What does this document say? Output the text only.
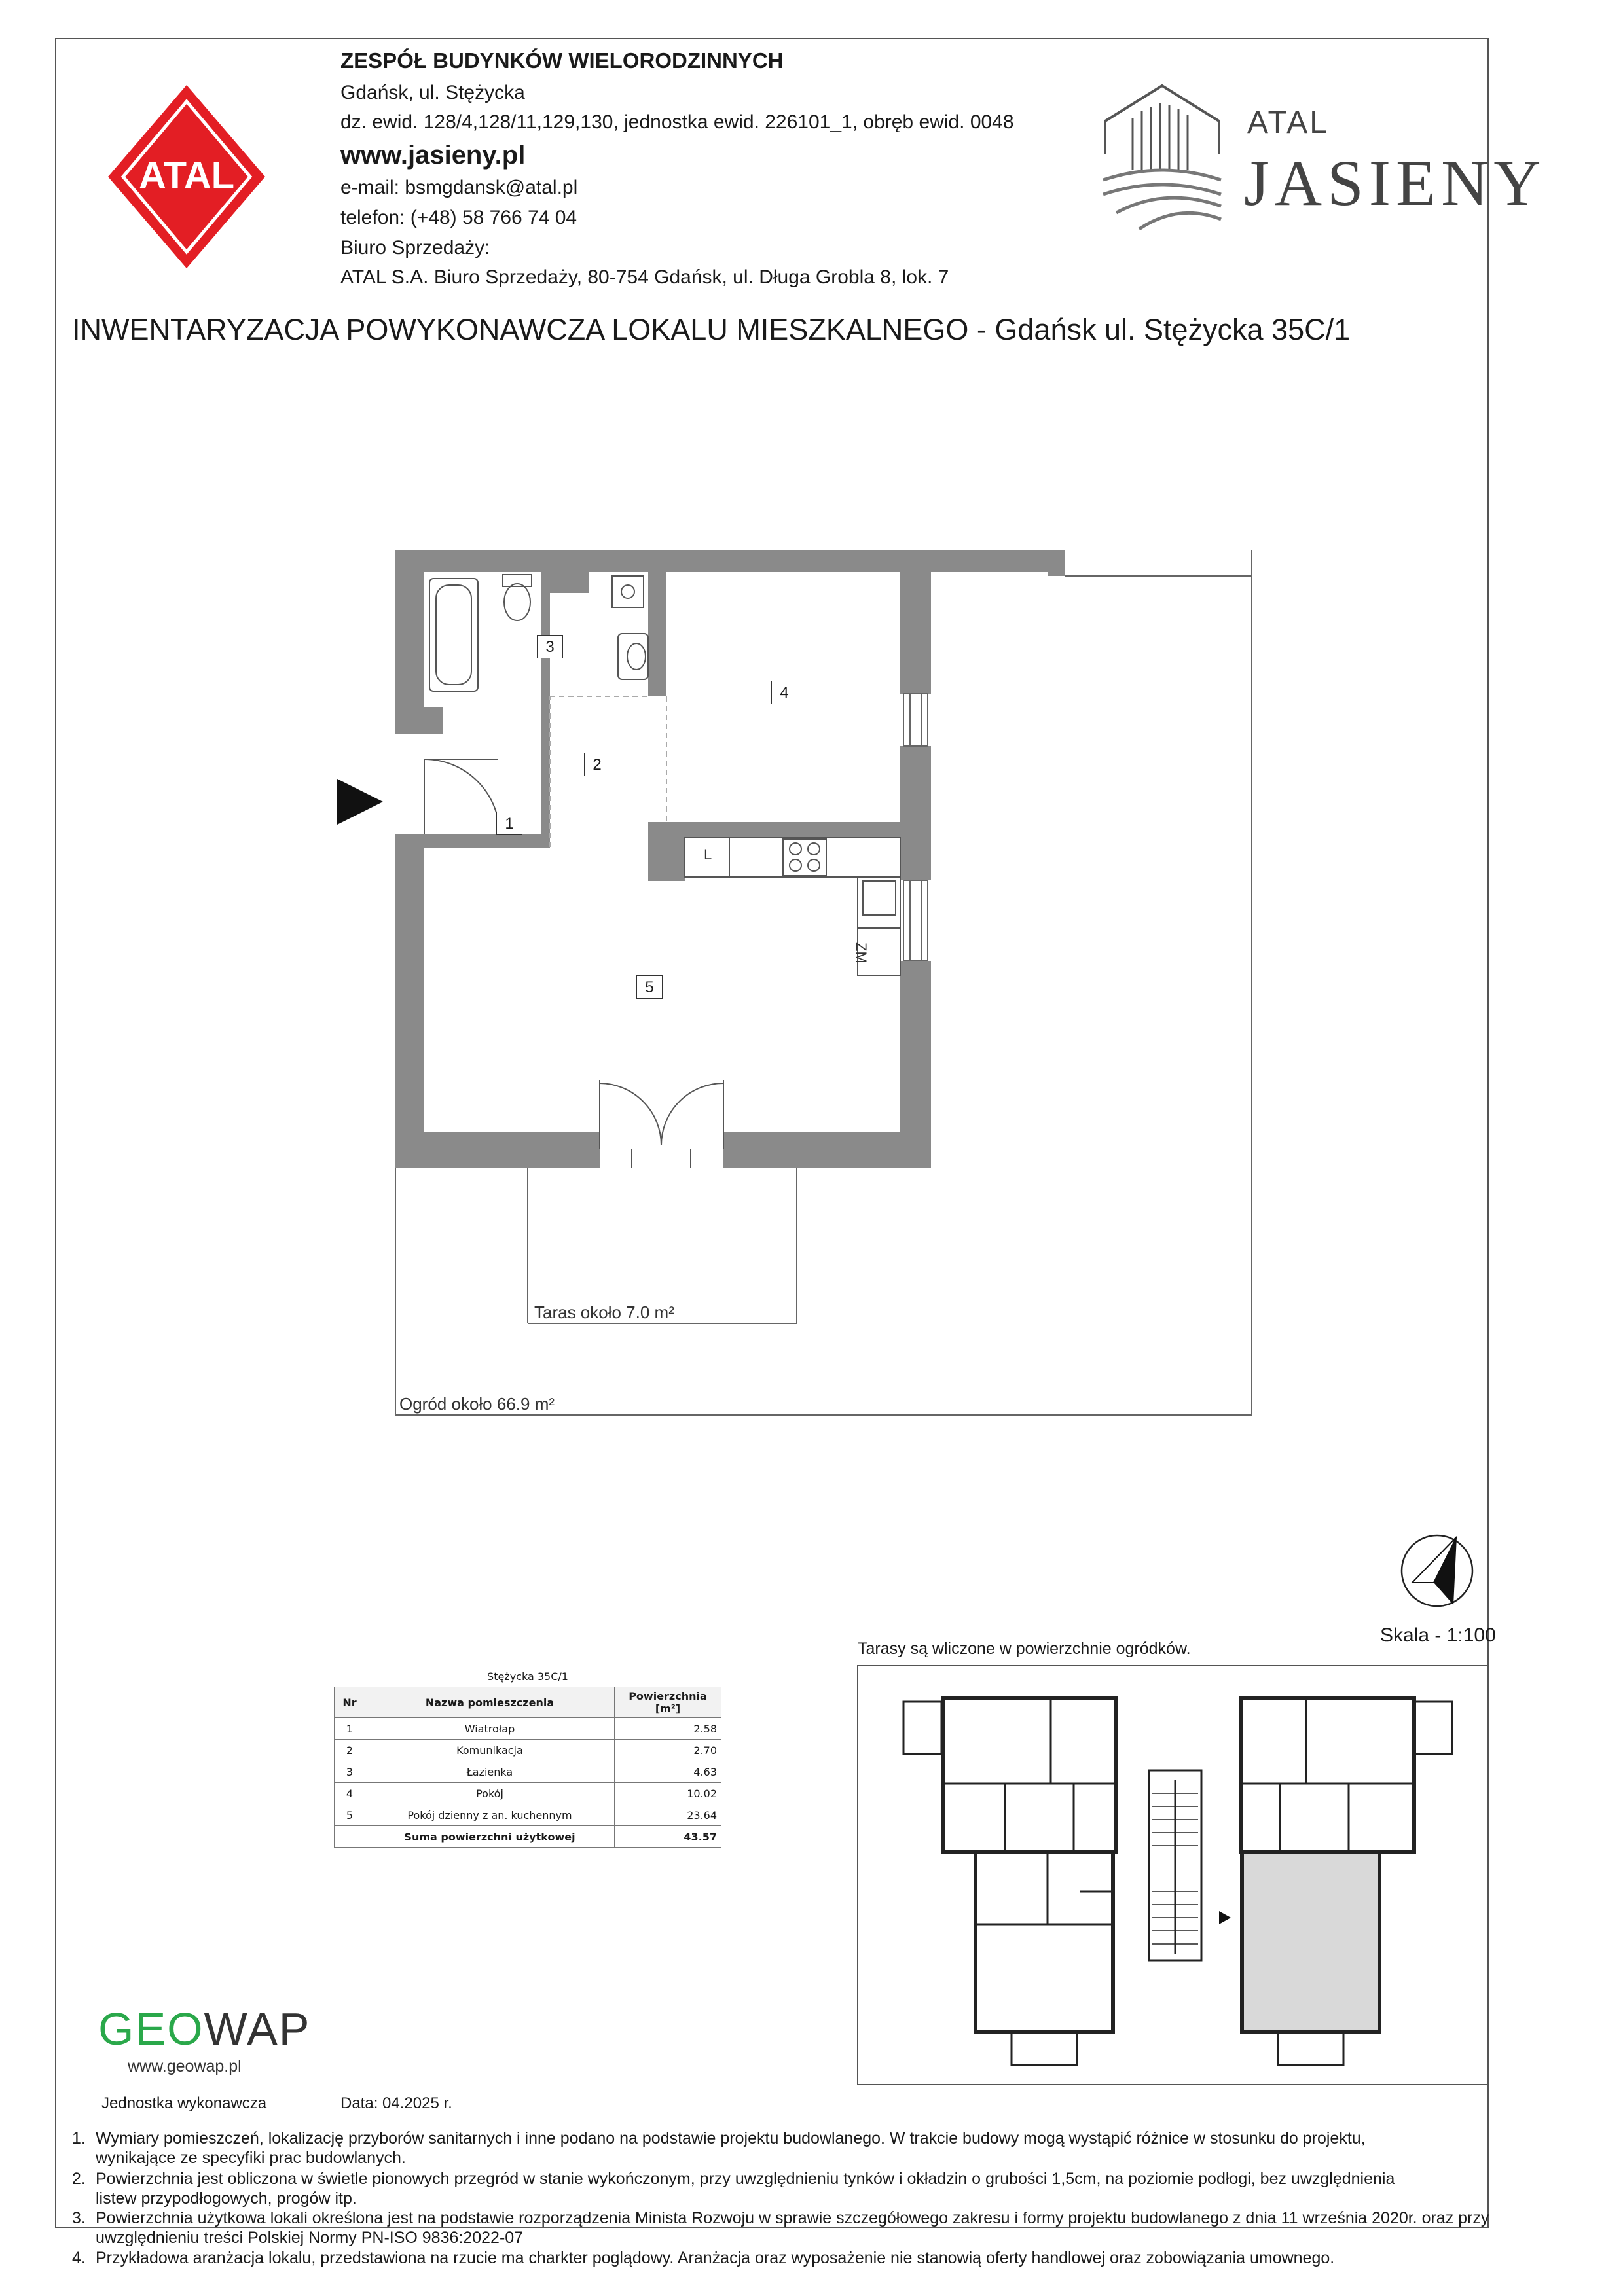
ATAL
ZESPÓŁ BUDYNKÓW WIELORODZINNYCH
Gdańsk, ul. Stężycka
dz. ewid. 128/4,128/11,129,130, jednostka ewid. 226101_1, obręb ewid. 0048
www.jasieny.pl
e-mail: bsmgdansk@atal.pl
telefon: (+48) 58 766 74 04
Biuro Sprzedaży:
ATAL S.A. Biuro Sprzedaży, 80-754 Gdańsk, ul. Długa Grobla 8, lok. 7
ATAL
JASIENY
INWENTARYZACJA POWYKONAWCZA LOKALU MIESZKALNEGO - Gdańsk ul. Stężycka 35C/1
1
2
3
4
5
L
ZM
Taras około 7.0 m²
Ogród około 66.9 m²
Skala - 1:100
Stężycka 35C/1		
Nr	Nazwa pomieszczenia	Powierzchnia [m²]
1	Wiatrołap	2.58
2	Komunikacja	2.70
3	Łazienka	4.63
4	Pokój	10.02
5	Pokój dzienny z an. kuchennym	23.64
	Suma powierzchni użytkowej	43.57
Tarasy są wliczone w powierzchnie ogródków.
GEOWAP
www.geowap.pl
Jednostka wykonawcza	Data: 04.2025 r.
1. Wymiary pomieszczeń, lokalizację przyborów sanitarnych i inne podano na podstawie projektu budowlanego. W trakcie budowy mogą wystąpić różnice w stosunku do projektu,
wynikające ze specyfiki prac budowlanych.
2. Powierzchnia jest obliczona w świetle pionowych przegród w stanie wykończonym, przy uwzględnieniu tynków i okładzin o grubości 1,5cm, na poziomie podłogi, bez uwzględnienia
listew przypodłogowych, progów itp.
3. Powierzchnia użytkowa lokali określona jest na podstawie rozporządzenia Minista Rozwoju w sprawie szczegółowego zakresu i formy projektu budowlanego z dnia 11 września 2020r. oraz przy
uwzględnieniu treści Polskiej Normy PN-ISO 9836:2022-07
4. Przykładowa aranżacja lokalu, przedstawiona na rzucie ma charkter poglądowy. Aranżacja oraz wyposażenie nie stanowią oferty handlowej oraz zobowiązania umownego.
